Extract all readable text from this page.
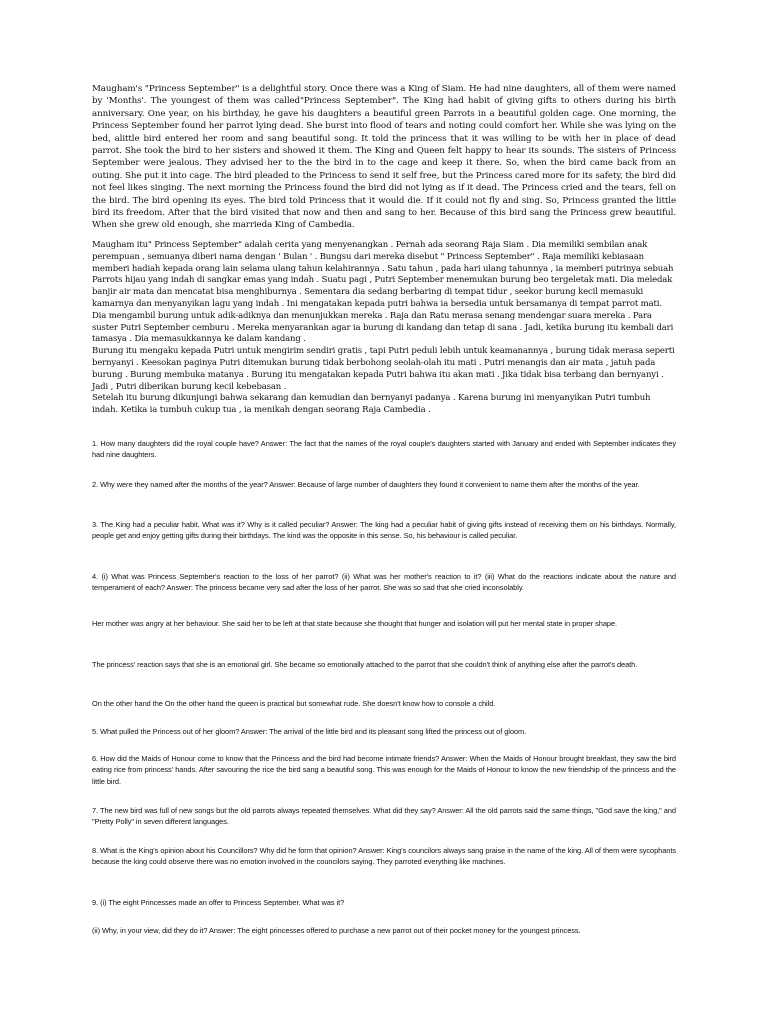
Maugham's "Princess September" is a delightful story. Once there was a King of Siam. He had nine daughters, all of them were named by 'Months'. The youngest of them was called"Princess September". The King had habit of giving gifts to others during his birth anniversary. One year, on his birthday, he gave his daughters a beautiful green Parrots in a beautiful golden cage. One morning, the Princess September found her parrot lying dead. She burst into flood of tears and noting could comfort her. While she was lying on the bed, alittle bird entered her room and sang beautiful song. It told the princess that it was willing to be with her in place of dead parrot. She took the bird to her sisters and showed it them. The King and Queen felt happy to hear its sounds. The sisters of Princess September were jealous. They advised her to the the bird in to the cage and keep it there. So, when the bird came back from an outing. She put it into cage. The bird pleaded to the Princess to send it self free, but the Princess cared more for its safety, the bird did not feel likes singing. The next morning the Princess found the bird did not lying as if it dead. The Princess cried and the tears, fell on the bird. The bird opening its eyes. The bird told Princess that it would die. If it could not fly and sing. So, Princess granted the little bird its freedom. After that the bird visited that now and then and sang to her. Because of this bird sang the Princess grew beautiful. When she grew old enough, she marrieda King of Cambedia.

Maugham itu" Princess September" adalah cerita yang menyenangkan . Pernah ada seorang Raja Siam . Dia memiliki sembilan anak perempuan , semuanya diberi nama dengan ' Bulan ' . Bungsu dari mereka disebut " Princess September" . Raja memiliki kebiasaan memberi hadiah kepada orang lain selama ulang tahun kelahirannya . Satu tahun , pada hari ulang tahunnya , ia memberi putrinya sebuah Parrots hijau yang indah di sangkar emas yang indah . Suatu pagi , Putri September menemukan burung beo tergeletak mati. Dia meledak banjir air mata dan mencatat bisa menghiburnya . Sementara dia sedang berbaring di tempat tidur , seekor burung kecil memasuki kamarnya dan menyanyikan lagu yang indah . Ini mengatakan kepada putri bahwa ia bersedia untuk bersamanya di tempat parrot mati.

Dia mengambil burung untuk adik-adiknya dan menunjukkan mereka . Raja dan Ratu merasa senang mendengar suara mereka . Para suster Putri September cemburu . Mereka menyarankan agar ia burung di kandang dan tetap di sana . Jadi, ketika burung itu kembali dari tamasya . Dia memasukkannya ke dalam kandang .

Burung itu mengaku kepada Putri untuk mengirim sendiri gratis , tapi Putri peduli lebih untuk keamanannya , burung tidak merasa seperti bernyanyi . Keesokan paginya Putri ditemukan burung tidak berbohong seolah-olah itu mati . Putri menangis dan air mata , jatuh pada burung . Burung membuka matanya . Burung itu mengatakan kepada Putri bahwa itu akan mati . Jika tidak bisa terbang dan bernyanyi . Jadi , Putri diberikan burung kecil kebebasan .

Setelah itu burung dikunjungi bahwa sekarang dan kemudian dan bernyanyi padanya . Karena burung ini menyanyikan Putri tumbuh indah. Ketika ia tumbuh cukup tua , ia menikah dengan seorang Raja Cambedia .

1. How many daughters did the royal couple have? Answer: The fact that the names of the royal couple's daughters started with January and ended with September indicates they had nine daughters.
2. Why were they named after the months of the year? Answer: Because of large number of daughters they found it convenient to name them after the months of the year.
3. The King had a peculiar habit. What was it? Why is it called peculiar? Answer: The king had a peculiar habit of giving gifts instead of receiving them on his birthdays. Normally, people get and enjoy getting gifts during their birthdays. The kind was the opposite in this sense. So, his behaviour is called peculiar.
4. (i) What was Princess September's reaction to the loss of her parrot? (ii) What was her mother's reaction to it? (iii) What do the reactions indicate about the nature and temperament of each? Answer: The princess became very sad after the loss of her parrot. She was so sad that she cried inconsolably.
Her mother was angry at her behaviour. She said her to be left at that state because she thought that hunger and isolation will put her mental state in proper shape.
The princess' reaction says that she is an emotional girl. She became so emotionally attached to the parrot that she couldn't think of anything else after the parrot's death.
On the other hand the On the other hand the queen is practical but somewhat rude. She doesn't know how to console a child.
5. What pulled the Princess out of her gloom? Answer: The arrival of the little bird and its pleasant song lifted the princess out of gloom.
6. How did the Maids of Honour come to know that the Princess and the bird had become intimate friends? Answer: When the Maids of Honour brought breakfast, they saw the bird eating rice from princess' hands. After savouring the rice the bird sang a beautiful song. This was enough for the Maids of Honour to know the new friendship of the princess and the little bird.
7. The new bird was full of new songs but the old parrots always repeated themselves. What did they say? Answer: All the old parrots said the same things, "God save the king," and "Pretty Polly" in seven different languages.
8. What is the King's opinion about his Councillors? Why did he form that opinion? Answer: King's councilors always sang praise in the name of the king. All of them were sycophants because the king could observe there was no emotion involved in the councilors saying. They parroted everything like machines.
9. (i) The eight Princesses made an offer to Princess September. What was it?
(ii) Why, in your view, did they do it? Answer: The eight princesses offered to purchase a new parrot out of their pocket money for the youngest princess.
